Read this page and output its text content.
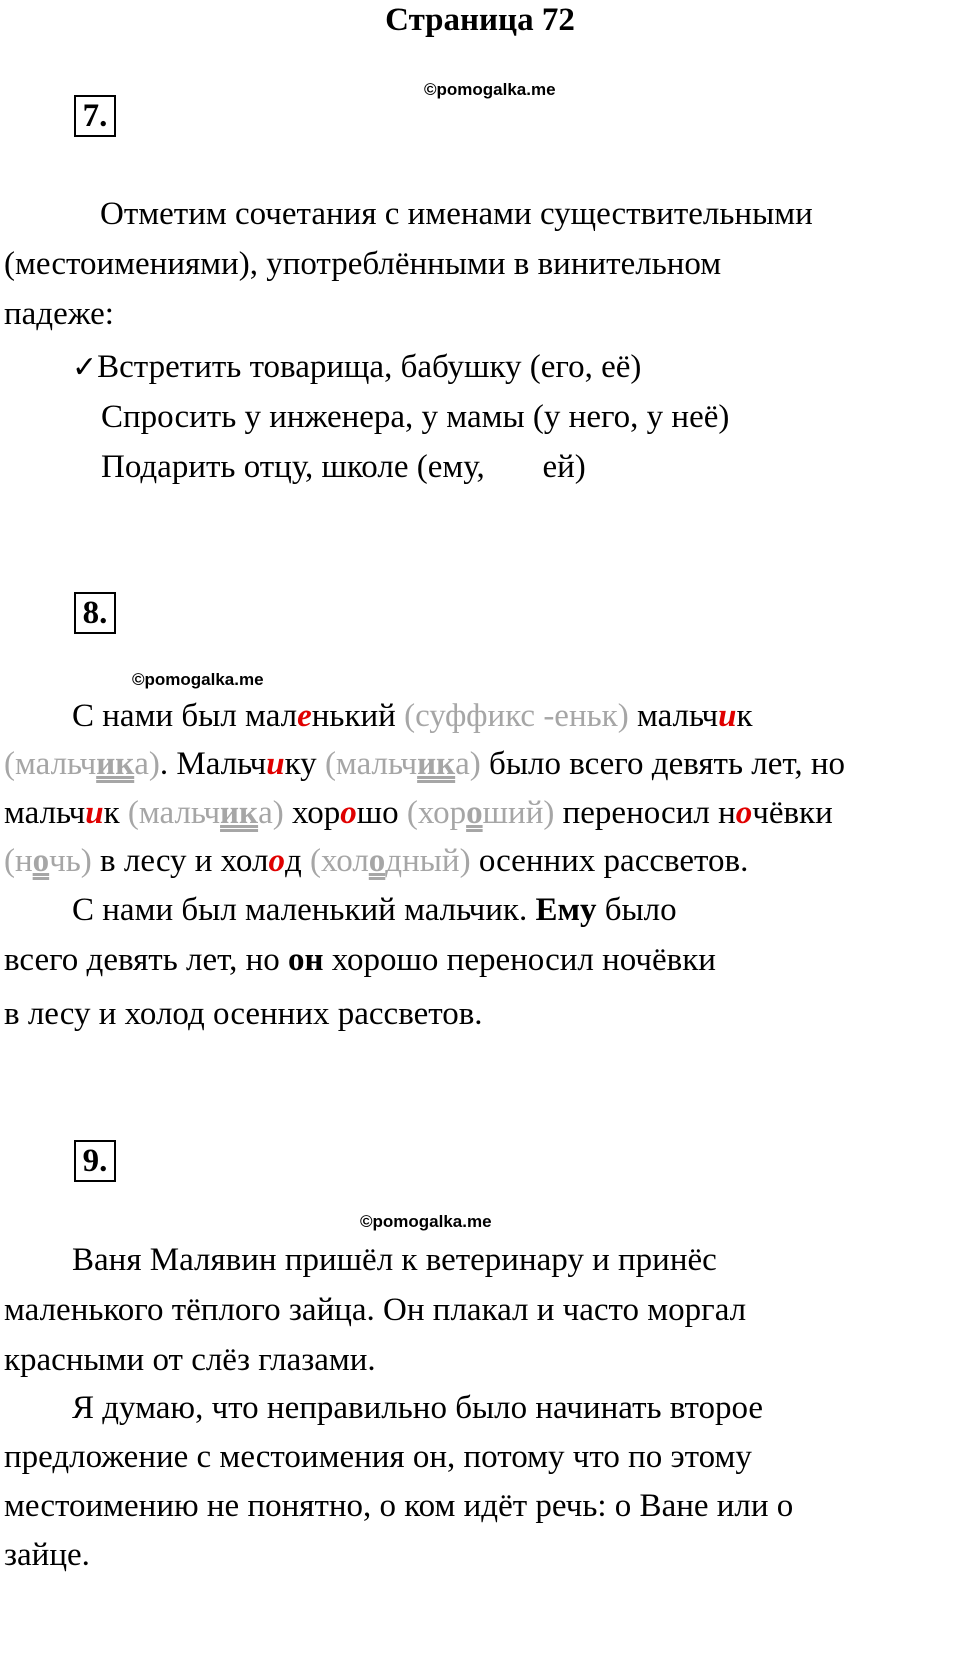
Страница 72
©pomogalka.me
7.
Отметим сочетания с именами существительными
(местоимениями), употреблёнными в винительном
падеже:
✓Встретить товарища, бабушку (его, её)
Спросить у инженера, у мамы (у него, у неё)
Подарить отцу, школе (ему,       ей)
8.
©pomogalka.me
С нами был маленький (суффикс -еньк) мальчик
(мальчика). Мальчику (мальчика) было всего девять лет, но
мальчик (мальчика) хорошо (хороший) переносил ночёвки
(ночь) в лесу и холод (холодный) осенних рассветов.
С нами был маленький мальчик. Ему было
всего девять лет, но он хорошо переносил ночёвки
в лесу и холод осенних рассветов.
9.
©pomogalka.me
Ваня Малявин пришёл к ветеринару и принёс
маленького тёплого зайца. Он плакал и часто моргал
красными от слёз глазами.
Я думаю, что неправильно было начинать второе
предложение с местоимения он, потому что по этому
местоимению не понятно, о ком идёт речь: о Ване или о
зайце.
